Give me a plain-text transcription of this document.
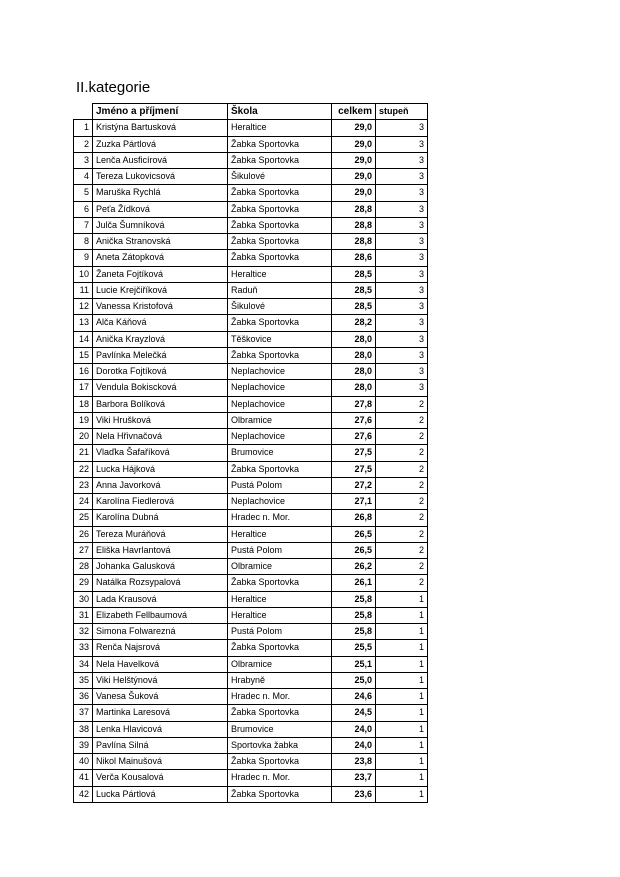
II.kategorie
	Jméno a příjmení	Škola	celkem	stupeň
1	Kristýna Bartusková	Heraltice	29,0	3
2	Zuzka Pártlová	Žabka Sportovka	29,0	3
3	Lenča Ausficírová	Žabka Sportovka	29,0	3
4	Tereza Lukovicsová	Šikulové	29,0	3
5	Maruška Rychlá	Žabka Sportovka	29,0	3
6	Peťa Žídková	Žabka Sportovka	28,8	3
7	Julča Šumníková	Žabka Sportovka	28,8	3
8	Anička Stranovská	Žabka Sportovka	28,8	3
9	Aneta Zátopková	Žabka Sportovka	28,6	3
10	Žaneta Fojtíková	Heraltice	28,5	3
11	Lucie Krejčiříková	Raduň	28,5	3
12	Vanessa Kristofová	Šikulové	28,5	3
13	Alča Káňová	Žabka Sportovka	28,2	3
14	Anička Krayzlová	Těškovice	28,0	3
15	Pavlínka Melečká	Žabka Sportovka	28,0	3
16	Dorotka Fojtíková	Neplachovice	28,0	3
17	Vendula Bokiscková	Neplachovice	28,0	3
18	Barbora Bolíková	Neplachovice	27,8	2
19	Viki Hrušková	Olbramice	27,6	2
20	Nela Hřivnačová	Neplachovice	27,6	2
21	Vlaďka Šafaříková	Brumovice	27,5	2
22	Lucka Hájková	Žabka Sportovka	27,5	2
23	Anna Javorková	Pustá Polom	27,2	2
24	Karolína Fiedlerová	Neplachovice	27,1	2
25	Karolína Dubná	Hradec n. Mor.	26,8	2
26	Tereza Muráňová	Heraltice	26,5	2
27	Eliška Havrlantová	Pustá Polom	26,5	2
28	Johanka Galusková	Olbramice	26,2	2
29	Natálka Rozsypalová	Žabka Sportovka	26,1	2
30	Lada Krausová	Heraltice	25,8	1
31	Elizabeth Fellbaumová	Heraltice	25,8	1
32	Simona Folwarezná	Pustá Polom	25,8	1
33	Renča Najsrová	Žabka Sportovka	25,5	1
34	Nela Havelková	Olbramice	25,1	1
35	Viki Helštýnová	Hrabyně	25,0	1
36	Vanesa Šuková	Hradec n. Mor.	24,6	1
37	Martinka Laresová	Žabka Sportovka	24,5	1
38	Lenka Hlavicová	Brumovice	24,0	1
39	Pavlína Silná	Sportovka žabka	24,0	1
40	Nikol Mainušová	Žabka Sportovka	23,8	1
41	Verča Kousalová	Hradec n. Mor.	23,7	1
42	Lucka Pártlová	Žabka Sportovka	23,6	1
